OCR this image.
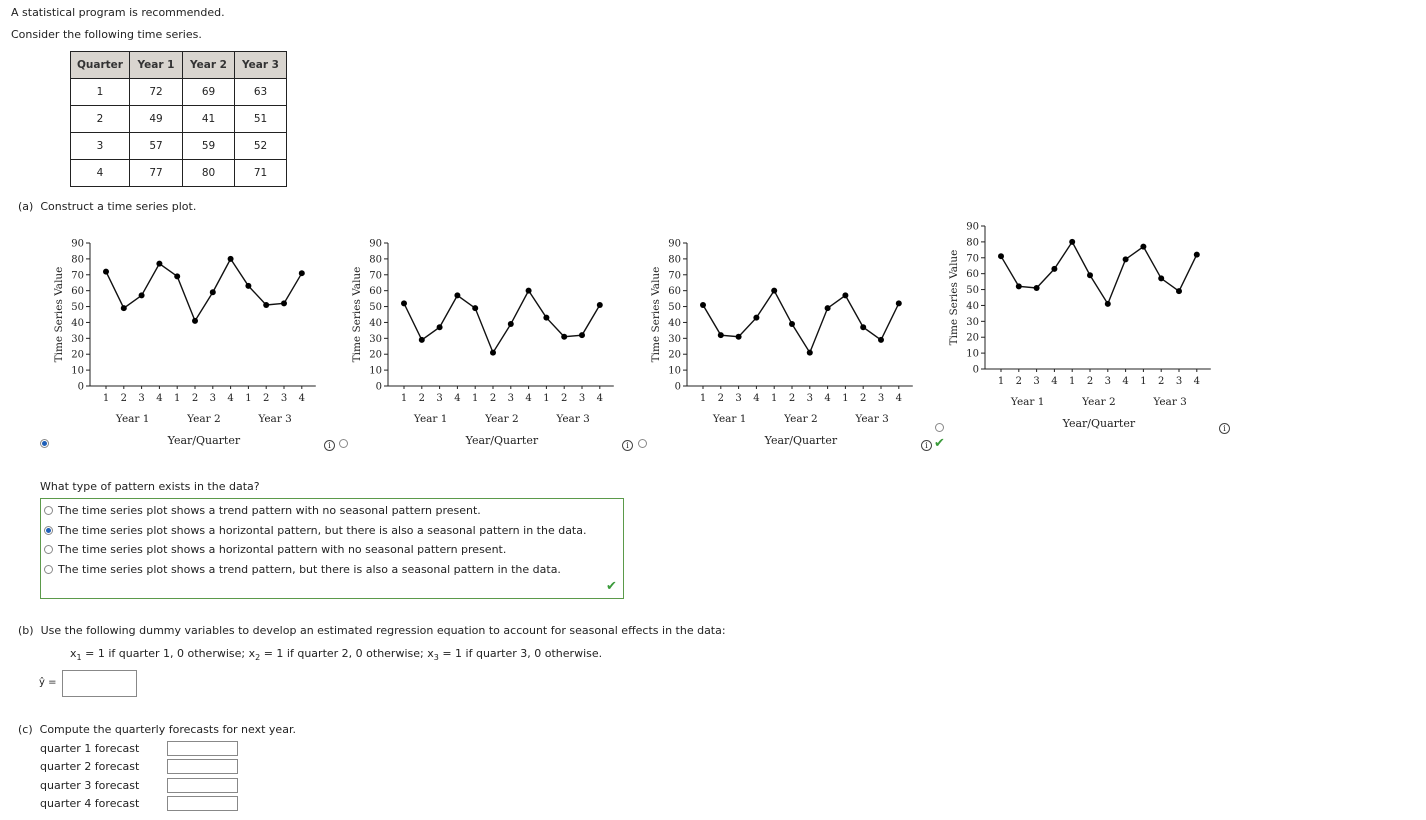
A statistical program is recommended.
Consider the following time series.
Quarter	Year 1	Year 2	Year 3
1	72	69	63
2	49	41	51
3	57	59	52
4	77	80	71
(a) Construct a time series plot.
0
10
20
30
40
50
60
70
80
90
Time Series Value
1 2 3 4 1 2 3 4 1 2 3 4
Year 1	Year 2	Year 3
Year/Quarter
0
10
20
30
40
50
60
70
80
90
Time Series Value
1 2 3 4 1 2 3 4 1 2 3 4
Year 1	Year 2	Year 3
Year/Quarter
0
10
20
30
40
50
60
70
80
90
Time Series Value
1 2 3 4 1 2 3 4 1 2 3 4
Year 1	Year 2	Year 3
Year/Quarter
0
10
20
30
40
50
60
70
80
90
Time Series Value
1 2 3 4 1 2 3 4 1 2 3 4
Year 1	Year 2	Year 3
Year/Quarter
i	i	i ✔
i
What type of pattern exists in the data?
The time series plot shows a trend pattern with no seasonal pattern present.
The time series plot shows a horizontal pattern, but there is also a seasonal pattern in the data.
The time series plot shows a horizontal pattern with no seasonal pattern present.
The time series plot shows a trend pattern, but there is also a seasonal pattern in the data.
✔
(b) Use the following dummy variables to develop an estimated regression equation to account for seasonal effects in the data:
$x_1 = 1$ if quarter 1, 0 otherwise; $x_2 = 1$ if quarter 2, 0 otherwise; $x_3 = 1$ if quarter 3, 0 otherwise.
ŷ =
(c) Compute the quarterly forecasts for next year.
quarter 1 forecast
quarter 2 forecast
quarter 3 forecast
quarter 4 forecast
